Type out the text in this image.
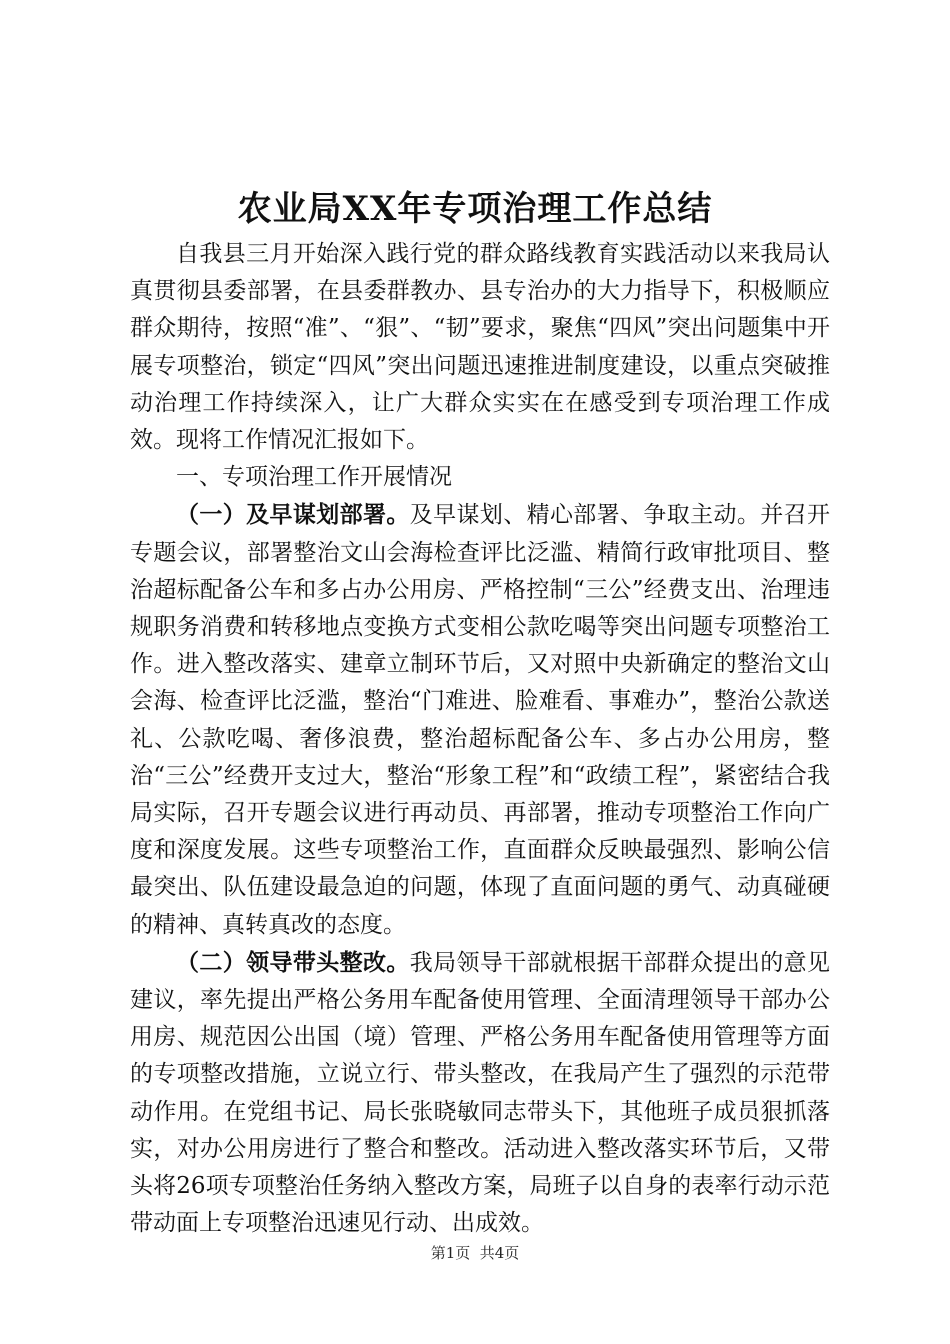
农业局XX年专项治理工作总结

自我县三月开始深入践行党的群众路线教育实践活动以来我局认真贯彻县委部署，在县委群教办、县专治办的大力指导下，积极顺应群众期待，按照“准”、“狠”、“韧”要求，聚焦“四风”突出问题集中开展专项整治，锁定“四风”突出问题迅速推进制度建设，以重点突破推动治理工作持续深入，让广大群众实实在在感受到专项治理工作成效。现将工作情况汇报如下。

一、专项治理工作开展情况

（一）及早谋划部署。及早谋划、精心部署、争取主动。并召开专题会议，部署整治文山会海检查评比泛滥、精简行政审批项目、整治超标配备公车和多占办公用房、严格控制“三公”经费支出、治理违规职务消费和转移地点变换方式变相公款吃喝等突出问题专项整治工作。进入整改落实、建章立制环节后，又对照中央新确定的整治文山会海、检查评比泛滥，整治“门难进、脸难看、事难办”，整治公款送礼、公款吃喝、奢侈浪费，整治超标配备公车、多占办公用房，整治“三公”经费开支过大，整治“形象工程”和“政绩工程”，紧密结合我局实际，召开专题会议进行再动员、再部署，推动专项整治工作向广度和深度发展。这些专项整治工作，直面群众反映最强烈、影响公信最突出、队伍建设最急迫的问题，体现了直面问题的勇气、动真碰硬的精神、真转真改的态度。

（二）领导带头整改。我局领导干部就根据干部群众提出的意见建议，率先提出严格公务用车配备使用管理、全面清理领导干部办公用房、规范因公出国（境）管理、严格公务用车配备使用管理等方面的专项整改措施，立说立行、带头整改，在我局产生了强烈的示范带动作用。在党组书记、局长张晓敏同志带头下，其他班子成员狠抓落实，对办公用房进行了整合和整改。活动进入整改落实环节后，又带头将26项专项整治任务纳入整改方案，局班子以自身的表率行动示范带动面上专项整治迅速见行动、出成效。

第1页  共4页
